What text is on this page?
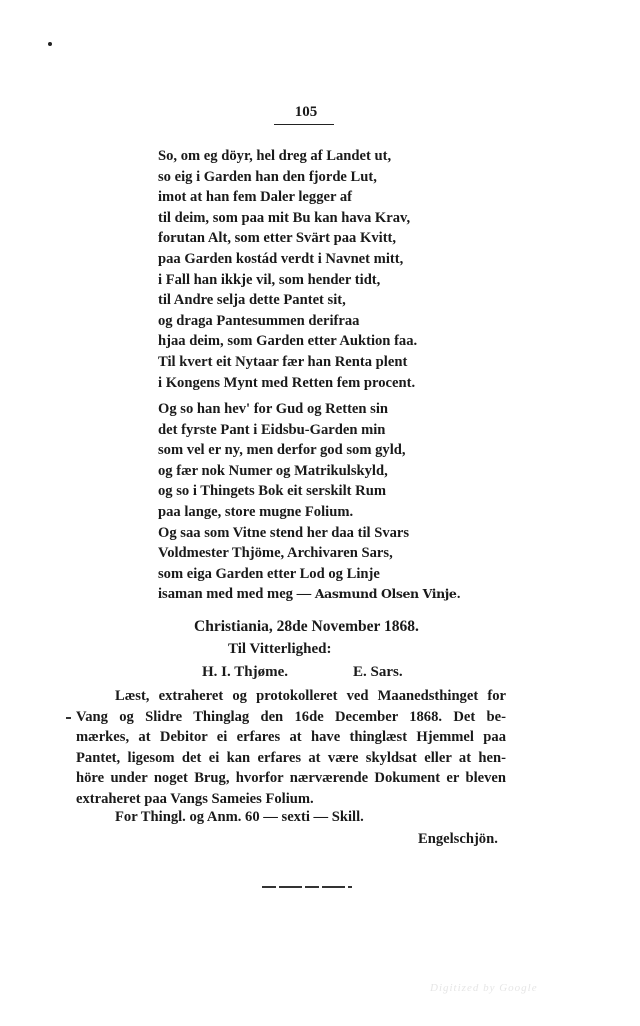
105
So, om eg döyr, hel dreg af Landet ut,
so eig i Garden han den fjorde Lut,
imot at han fem Daler legger af
til deim, som paa mit Bu kan hava Krav,
forutan Alt, som etter Svärt paa Kvitt,
paa Garden kostád verdt i Navnet mitt,
i Fall han ikkje vil, som hender tidt,
til Andre selja dette Pantet sit,
og draga Pantesummen derifraa
hjaa deim, som Garden etter Auktion faa.
Til kvert eit Nytaar fær han Renta plent
i Kongens Mynt med Retten fem procent.
Og so han hev' for Gud og Retten sin
det fyrste Pant i Eidsbu-Garden min
som vel er ny, men derfor god som gyld,
og fær nok Numer og Matrikulskyld,
og so i Thingets Bok eit serskilt Rum
paa lange, store mugne Folium.
Og saa som Vitne stend her daa til Svars
Voldmester Thjöme, Archivaren Sars,
som eiga Garden etter Lod og Linje
isaman med med meg — Aasmund Olsen Vinje.
Christiania, 28de November 1868.
Til Vitterlighed:
H. I. Thjøme.	E. Sars.
Læst, extraheret og protokolleret ved Maanedsthinget for
Vang og Slidre Thinglag den 16de December 1868. Det be-
mærkes, at Debitor ei erfares at have thinglæst Hjemmel paa
Pantet, ligesom det ei kan erfares at være skyldsat eller at hen-
höre under noget Brug, hvorfor nærværende Dokument er bleven
extraheret paa Vangs Sameies Folium.
For Thingl. og Anm. 60 — sexti — Skill.
Engelschjön.
Digitized by Google
